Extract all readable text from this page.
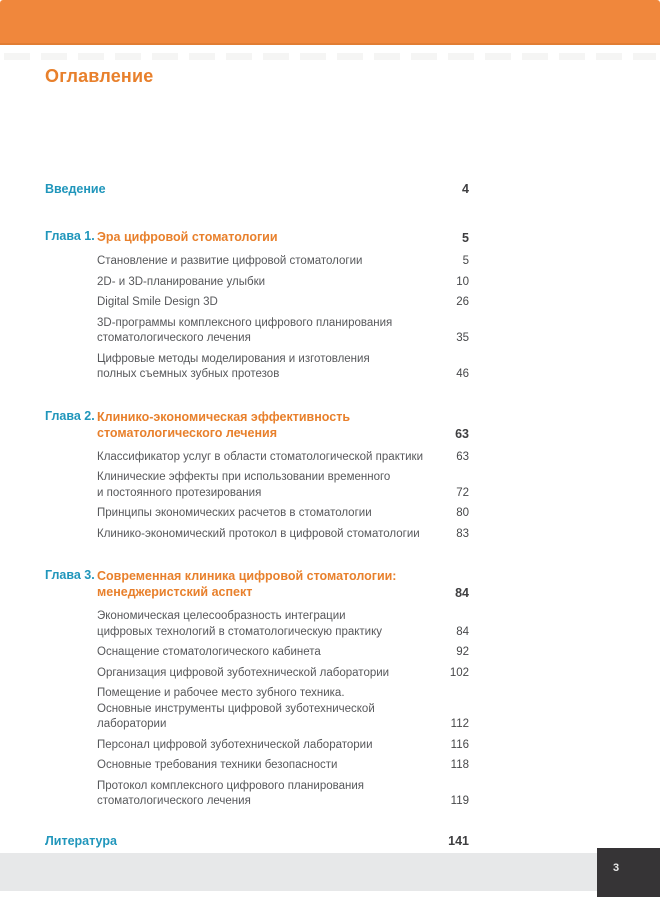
Оглавление
Введение	4
Глава 1. Эра цифровой стоматологии	5
Становление и развитие цифровой стоматологии	5
2D- и 3D-планирование улыбки	10
Digital Smile Design 3D	26
3D-программы комплексного цифрового планирования
стоматологического лечения	35
Цифровые методы моделирования и изготовления
полных съемных зубных протезов	46
Глава 2. Клинико-экономическая эффективность
стоматологического лечения	63
Классификатор услуг в области стоматологической практики	63
Клинические эффекты при использовании временного
и постоянного протезирования	72
Принципы экономических расчетов в стоматологии	80
Клинико-экономический протокол в цифровой стоматологии	83
Глава 3. Современная клиника цифровой стоматологии:
менеджеристский аспект	84
Экономическая целесообразность интеграции
цифровых технологий в стоматологическую практику	84
Оснащение стоматологического кабинета	92
Организация цифровой зуботехнической лаборатории	102
Помещение и рабочее место зубного техника.
Основные инструменты цифровой зуботехнической лаборатории	112
Персонал цифровой зуботехнической лаборатории	116
Основные требования техники безопасности	118
Протокол комплексного цифрового планирования
стоматологического лечения	119
Литература	141
3
